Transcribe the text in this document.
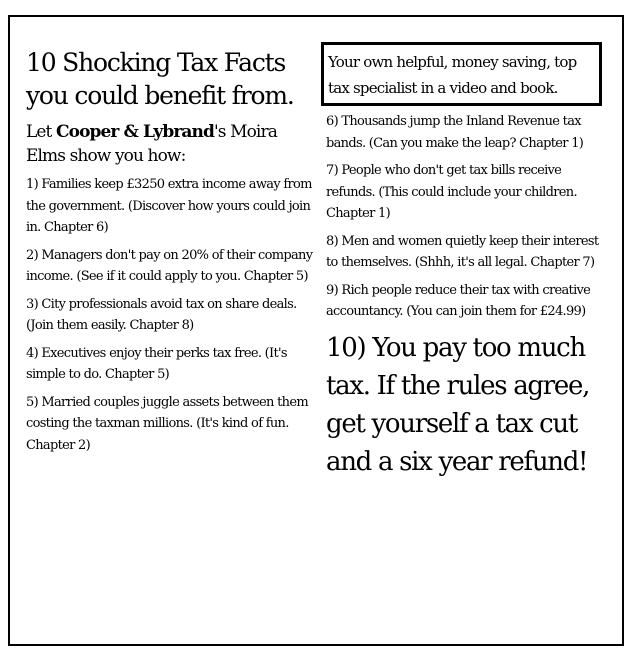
10 Shocking Tax Facts
you could benefit from.
Let Cooper & Lybrand's Moira Elms show you how:
1) Families keep £3250 extra income away from the government. (Discover how yours could join in. Chapter 6)
2) Managers don't pay on 20% of their company income. (See if it could apply to you. Chapter 5)
3) City professionals avoid tax on share deals. (Join them easily. Chapter 8)
4) Executives enjoy their perks tax free. (It's simple to do. Chapter 5)
5) Married couples juggle assets between them costing the taxman millions. (It's kind of fun. Chapter 2)
Your own helpful, money saving, top tax specialist in a video and book.
6) Thousands jump the Inland Revenue tax bands. (Can you make the leap? Chapter 1)
7) People who don't get tax bills receive refunds. (This could include your children. Chapter 1)
8) Men and women quietly keep their interest to themselves. (Shhh, it's all legal. Chapter 7)
9) Rich people reduce their tax with creative accountancy. (You can join them for £24.99)
10) You pay too much tax. If the rules agree, get yourself a tax cut and a six year refund!
